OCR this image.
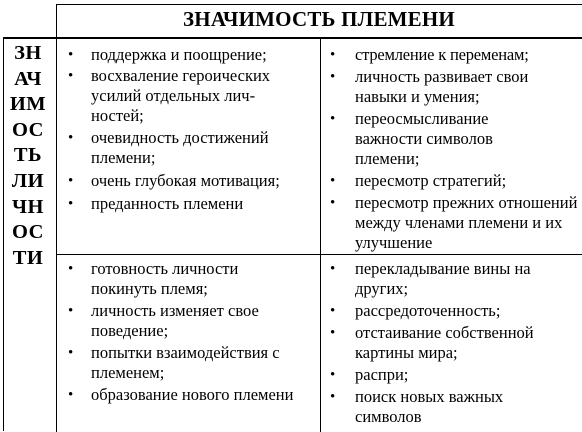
ЗНАЧИМОСТЬ ПЛЕМЕНИ
ЗН
АЧ
ИМ
ОС
ТЬ
ЛИ
ЧН
ОС
ТИ
• поддержка и поощрение;
• восхваление героических усилий отдельных лич-ностей;
• очевидность достижений племени;
• очень глубокая мотивация;
• преданность племени
• стремление к переменам;
• личность развивает свои навыки и умения;
• переосмысливание важности символов племени;
• пересмотр стратегий;
• пересмотр прежних отношений между членами племени и их улучшение
• готовность личности покинуть племя;
• личность изменяет свое поведение;
• попытки взаимодействия с племенем;
• образование нового племени
• перекладывание вины на других;
• рассредоточенность;
• отстаивание собственной картины мира;
• распри;
• поиск новых важных символов
